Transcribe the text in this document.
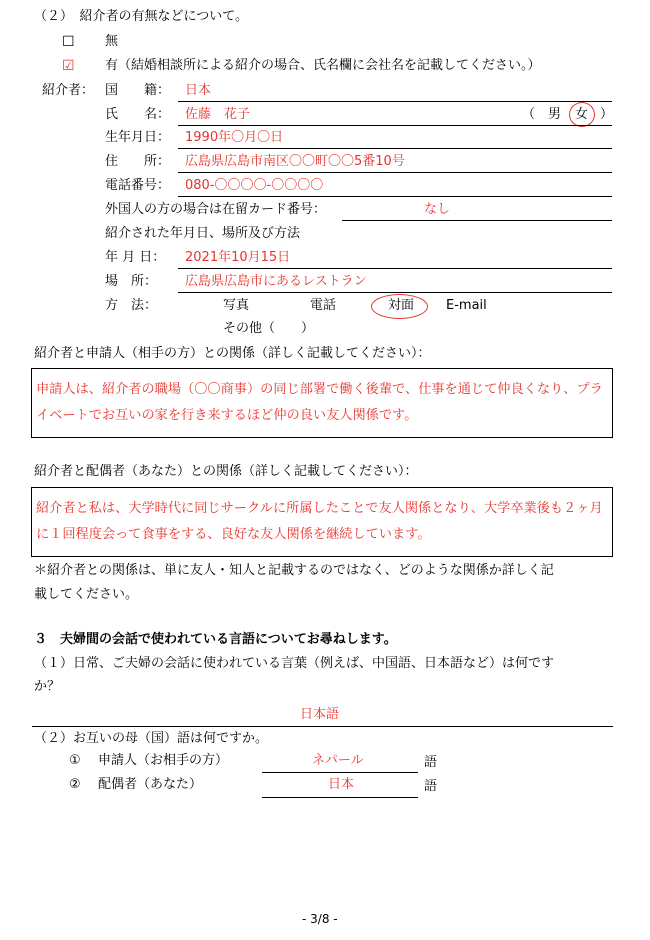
（２）　紹介者の有無などについて。
☐ 無
☑ 有（結婚相談所による紹介の場合、氏名欄に会社名を記載してください。）
紹介者： 国　　籍： 日本
氏　　名： 佐藤　花子	（ 男 女 ）
生年月日： 1990年〇月〇日
住　　所： 広島県広島市南区〇〇町〇〇5番10号
電話番号： 080-〇〇〇〇-〇〇〇〇
外国人の方の場合は在留カード番号：	なし
紹介された年月日、場所及び方法
年 月 日： 2021年10月15日
場　所： 広島県広島市にあるレストラン
方　法：	写真	電話	対面 E-mail
その他（　　）
紹介者と申請人（相手の方）との関係（詳しく記載してください）：
申請人は、紹介者の職場（〇〇商事）の同じ部署で働く後輩で、仕事を通じて仲良くなり、プライベートでお互いの家を行き来するほど仲の良い友人関係です。
紹介者と配偶者（あなた）との関係（詳しく記載してください）：
紹介者と私は、大学時代に同じサークルに所属したことで友人関係となり、大学卒業後も２ヶ月に１回程度会って食事をする、良好な友人関係を継続しています。
＊紹介者との関係は、単に友人・知人と記載するのではなく、どのような関係か詳しく記
載してください。
３　夫婦間の会話で使われている言語についてお尋ねします。
（１）日常、ご夫婦の会話に使われている言葉（例えば、中国語、日本語など）は何です
か？
日本語
（２）お互いの母（国）語は何ですか。
① 申請人（お相手の方）	ネパール	語
② 配偶者（あなた）	日本	語
- 3/8 -
